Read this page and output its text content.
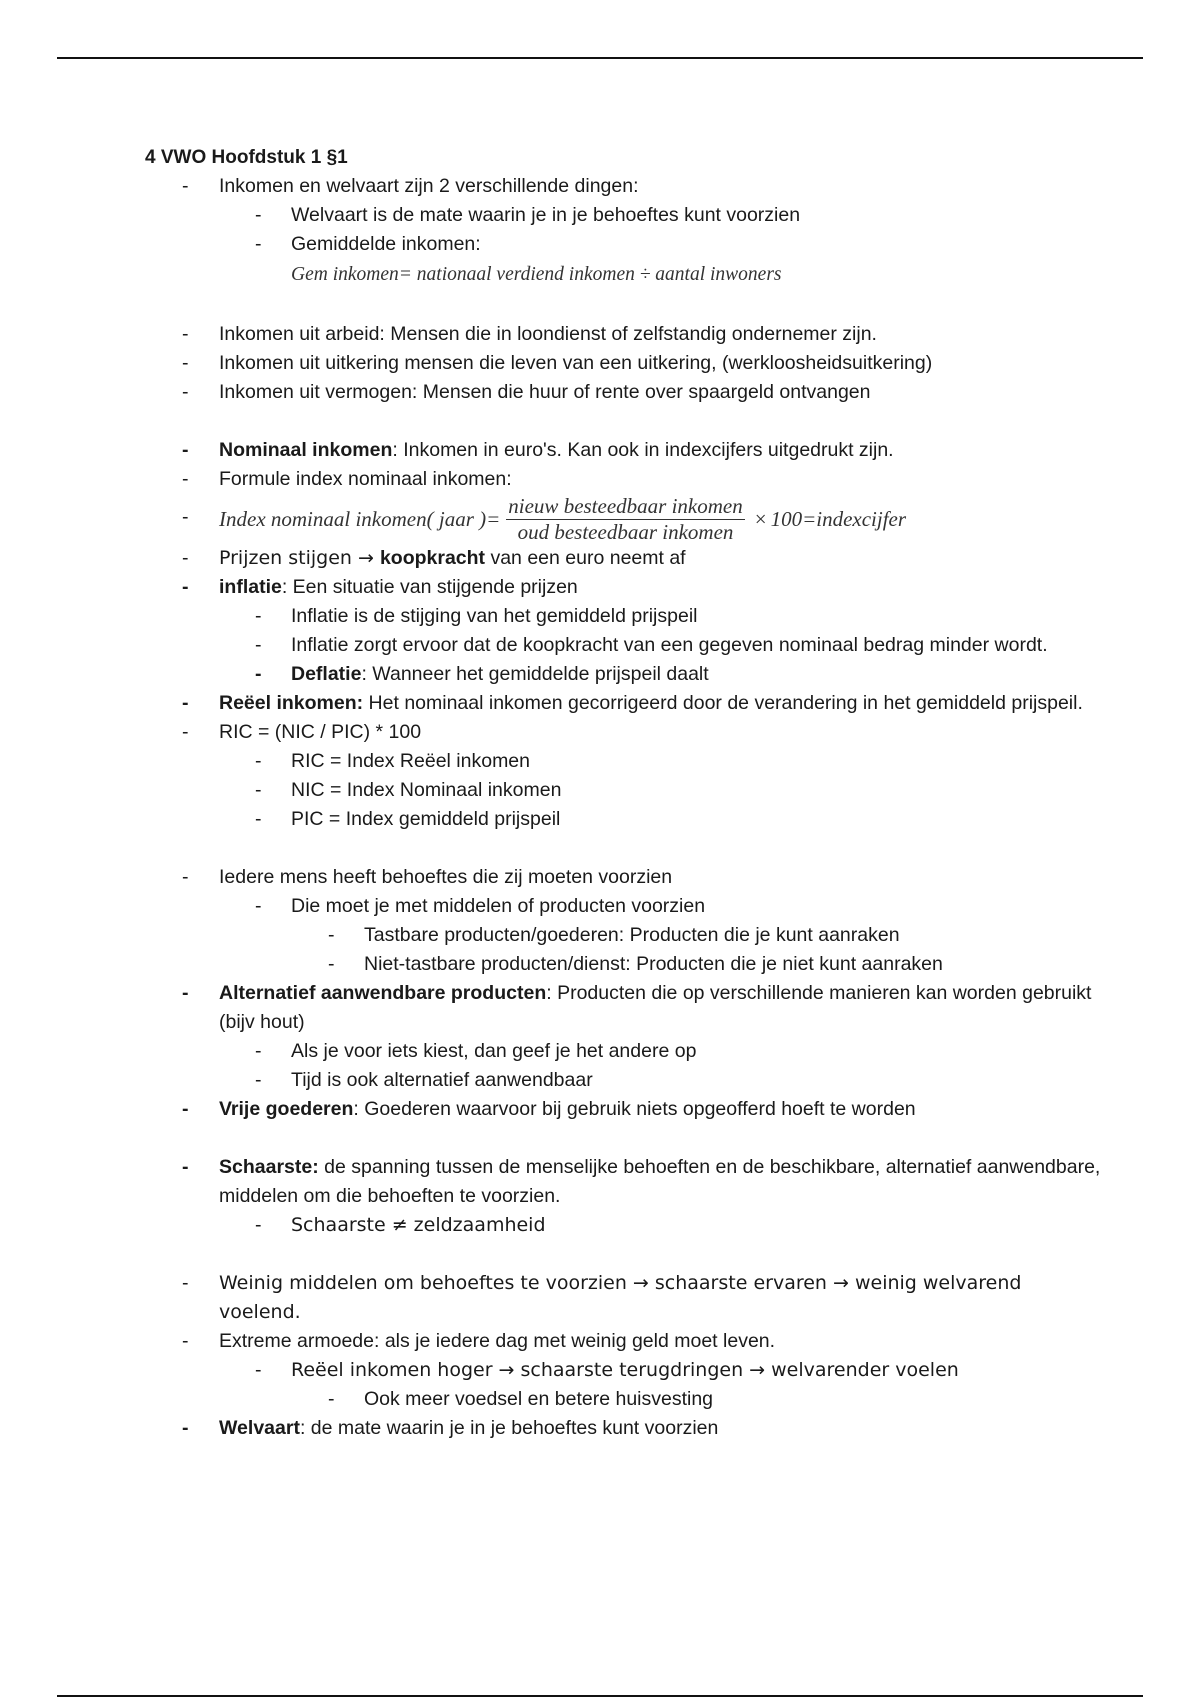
4 VWO Hoofdstuk 1 §1
- Inkomen en welvaart zijn 2 verschillende dingen:
- Welvaart is de mate waarin je in je behoeftes kunt voorzien
- Gemiddelde inkomen:
Gem inkomen= nationaal verdiend inkomen ÷ aantal inwoners
- Inkomen uit arbeid: Mensen die in loondienst of zelfstandig ondernemer zijn.
- Inkomen uit uitkering mensen die leven van een uitkering, (werkloosheidsuitkering)
- Inkomen uit vermogen: Mensen die huur of rente over spaargeld ontvangen
- Nominaal inkomen: Inkomen in euro's. Kan ook in indexcijfers uitgedrukt zijn.
- Formule index nominaal inkomen:
- Index nominaal inkomen( jaar )= $\frac{\text{nieuw besteedbaar inkomen}}{\text{oud besteedbaar inkomen}}$ × 100=indexcijfer
- Prijzen stijgen → koopkracht van een euro neemt af
- inflatie: Een situatie van stijgende prijzen
- Inflatie is de stijging van het gemiddeld prijspeil
- Inflatie zorgt ervoor dat de koopkracht van een gegeven nominaal bedrag minder wordt.
- Deflatie: Wanneer het gemiddelde prijspeil daalt
- Reëel inkomen: Het nominaal inkomen gecorrigeerd door de verandering in het gemiddeld prijspeil.
- RIC = (NIC / PIC) * 100
- RIC = Index Reëel inkomen
- NIC = Index Nominaal inkomen
- PIC = Index gemiddeld prijspeil
- Iedere mens heeft behoeftes die zij moeten voorzien
- Die moet je met middelen of producten voorzien
- Tastbare producten/goederen: Producten die je kunt aanraken
- Niet-tastbare producten/dienst: Producten die je niet kunt aanraken
- Alternatief aanwendbare producten: Producten die op verschillende manieren kan worden gebruikt (bijv hout)
- Als je voor iets kiest, dan geef je het andere op
- Tijd is ook alternatief aanwendbaar
- Vrije goederen: Goederen waarvoor bij gebruik niets opgeofferd hoeft te worden
- Schaarste: de spanning tussen de menselijke behoeften en de beschikbare, alternatief aanwendbare, middelen om die behoeften te voorzien.
- Schaarste ≠ zeldzaamheid
- Weinig middelen om behoeftes te voorzien → schaarste ervaren → weinig welvarend voelend.
- Extreme armoede: als je iedere dag met weinig geld moet leven.
- Reëel inkomen hoger → schaarste terugdringen → welvarender voelen
- Ook meer voedsel en betere huisvesting
- Welvaart: de mate waarin je in je behoeftes kunt voorzien
